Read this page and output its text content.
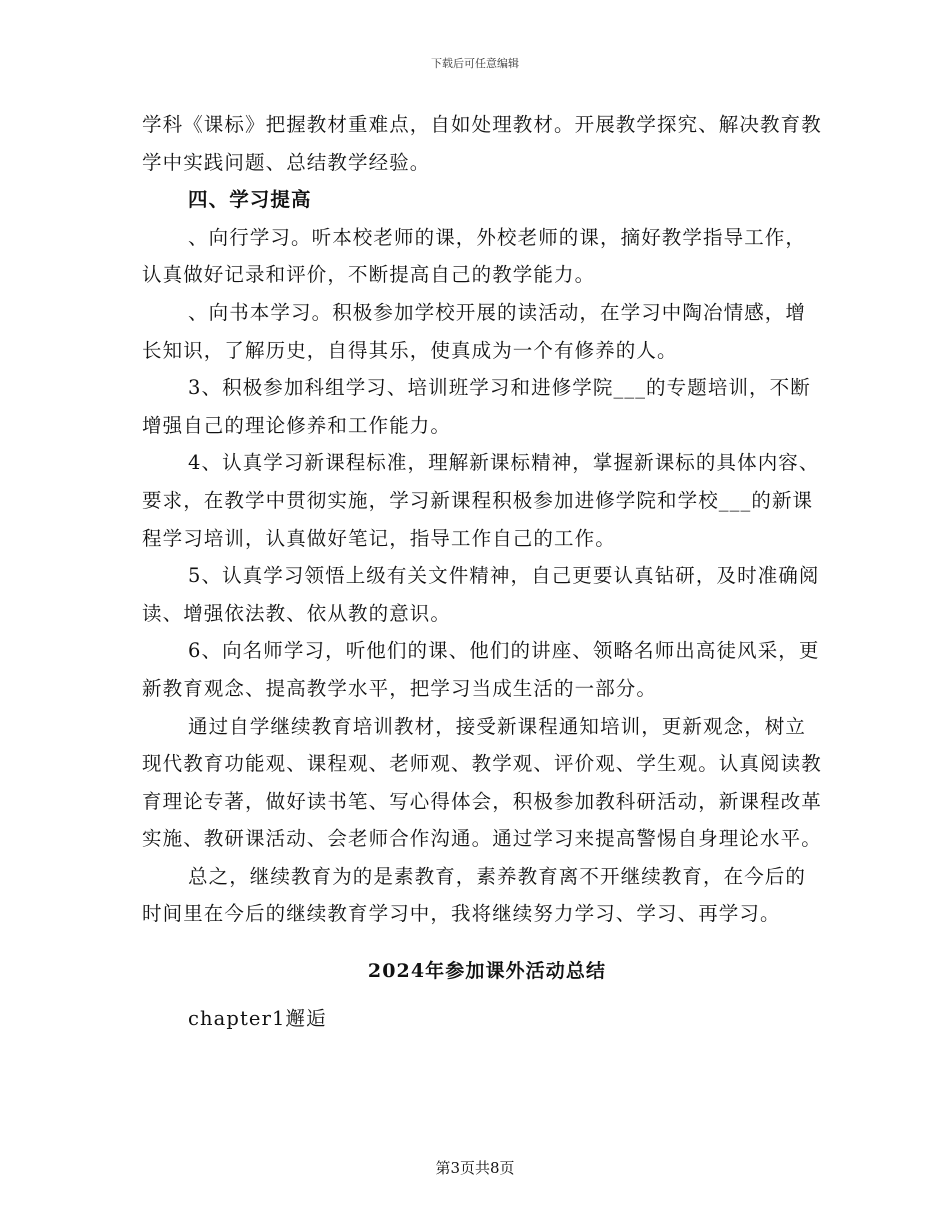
下载后可任意编辑

学科《课标》把握教材重难点，自如处理教材。开展教学探究、解决教育教学中实践问题、总结教学经验。

四、学习提高

、向行学习。听本校老师的课，外校老师的课，摘好教学指导工作，认真做好记录和评价，不断提高自己的教学能力。

、向书本学习。积极参加学校开展的读活动，在学习中陶冶情感，增长知识，了解历史，自得其乐，使真成为一个有修养的人。

3、积极参加科组学习、培训班学习和进修学院___的专题培训，不断增强自己的理论修养和工作能力。

4、认真学习新课程标准，理解新课标精神，掌握新课标的具体内容、要求，在教学中贯彻实施，学习新课程积极参加进修学院和学校___的新课程学习培训，认真做好笔记，指导工作自己的工作。

5、认真学习领悟上级有关文件精神，自己更要认真钻研，及时准确阅读、增强依法教、依从教的意识。

6、向名师学习，听他们的课、他们的讲座、领略名师出高徒风采，更新教育观念、提高教学水平，把学习当成生活的一部分。

通过自学继续教育培训教材，接受新课程通知培训，更新观念，树立现代教育功能观、课程观、老师观、教学观、评价观、学生观。认真阅读教育理论专著，做好读书笔、写心得体会，积极参加教科研活动，新课程改革实施、教研课活动、会老师合作沟通。通过学习来提高警惕自身理论水平。

总之，继续教育为的是素教育，素养教育离不开继续教育，在今后的时间里在今后的继续教育学习中，我将继续努力学习、学习、再学习。

2024年参加课外活动总结

chapter1邂逅

第3页共8页
